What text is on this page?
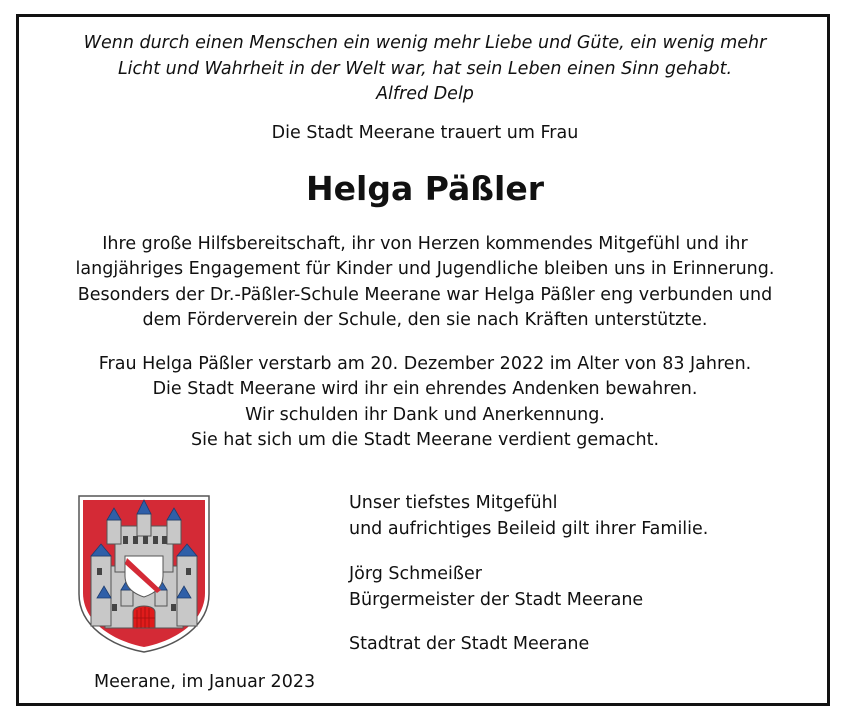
Wenn durch einen Menschen ein wenig mehr Liebe und Güte, ein wenig mehr
Licht und Wahrheit in der Welt war, hat sein Leben einen Sinn gehabt.
Alfred Delp
Die Stadt Meerane trauert um Frau
Helga Päßler
Ihre große Hilfsbereitschaft, ihr von Herzen kommendes Mitgefühl und ihr
langjähriges Engagement für Kinder und Jugendliche bleiben uns in Erinnerung.
Besonders der Dr.-Päßler-Schule Meerane war Helga Päßler eng verbunden und
dem Förderverein der Schule, den sie nach Kräften unterstützte.
Frau Helga Päßler verstarb am 20. Dezember 2022 im Alter von 83 Jahren.
Die Stadt Meerane wird ihr ein ehrendes Andenken bewahren.
Wir schulden ihr Dank und Anerkennung.
Sie hat sich um die Stadt Meerane verdient gemacht.
Unser tiefstes Mitgefühl
und aufrichtiges Beileid gilt ihrer Familie.
Jörg Schmeißer
Bürgermeister der Stadt Meerane
Stadtrat der Stadt Meerane
Meerane, im Januar 2023
